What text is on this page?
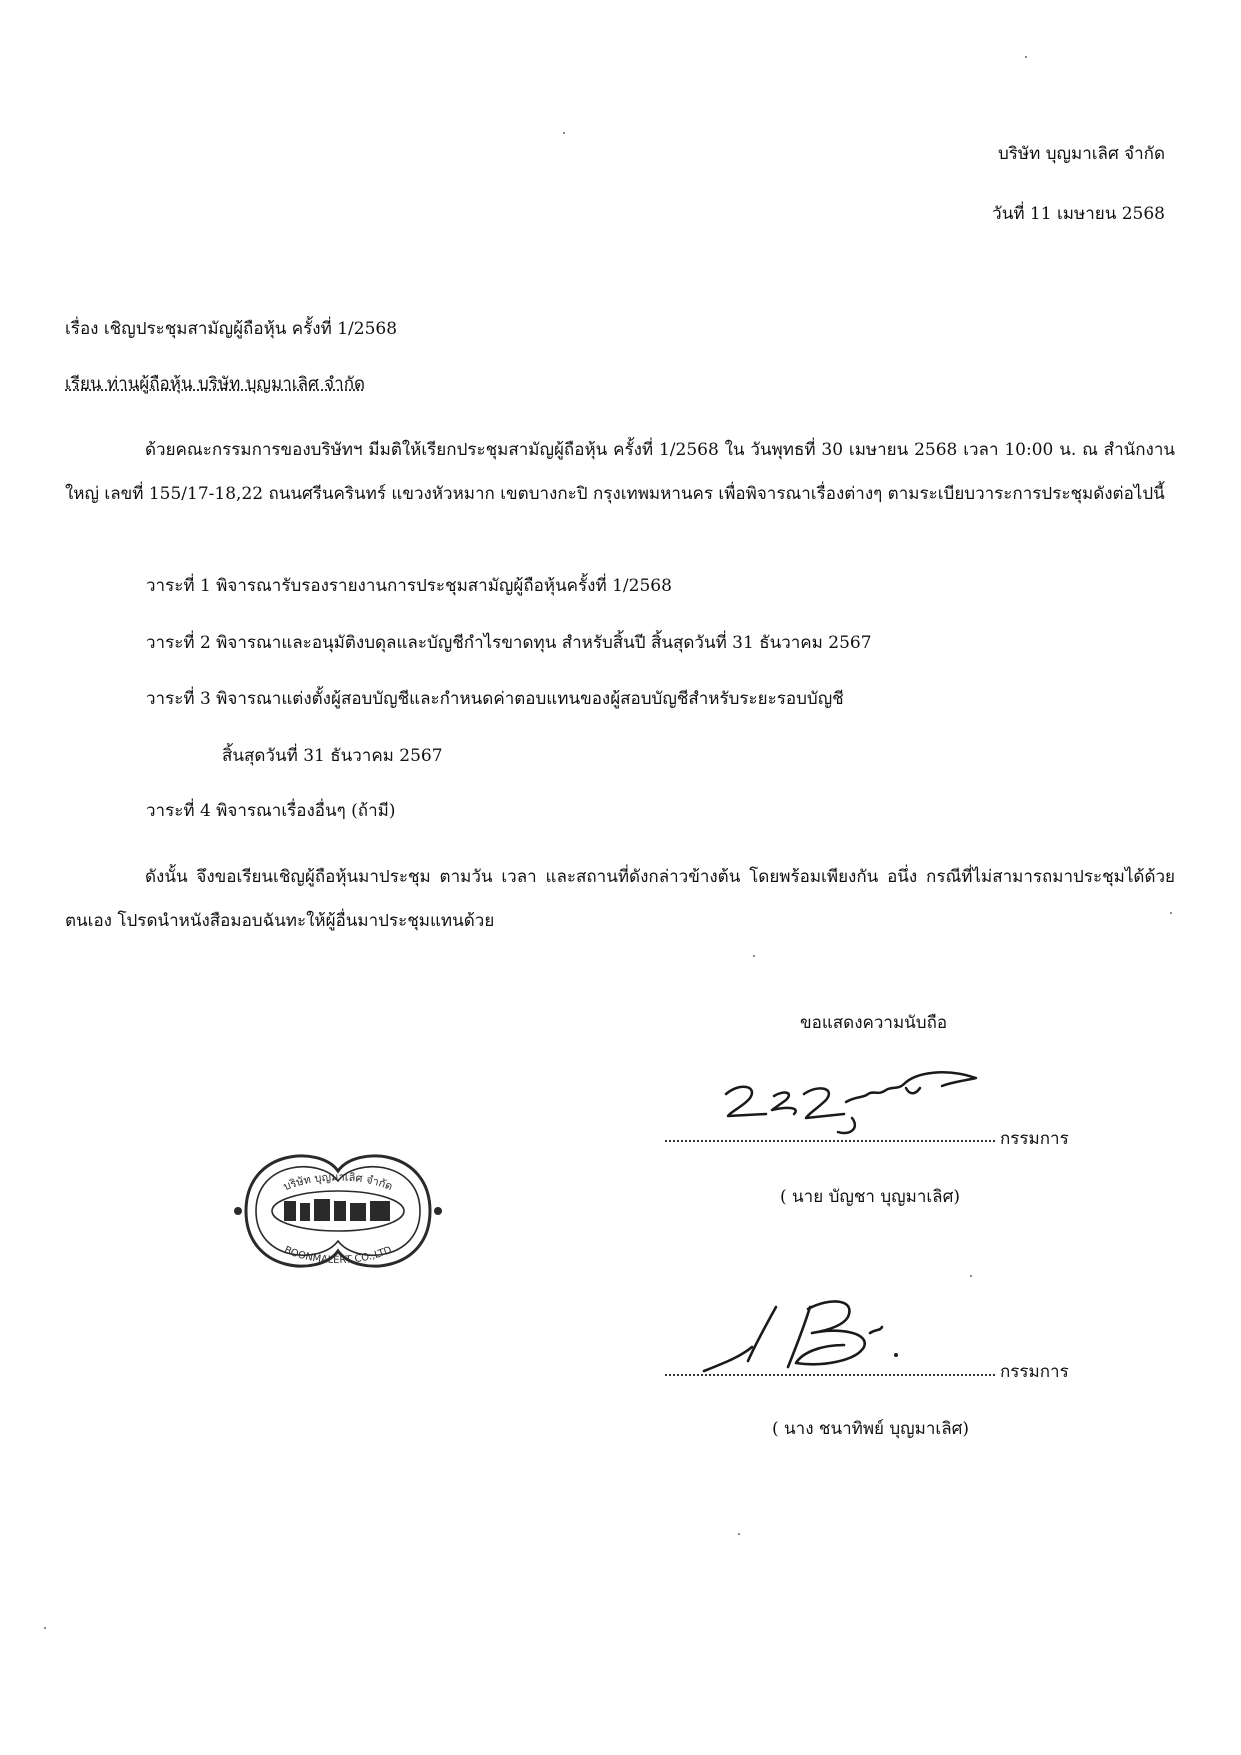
บริษัท บุญมาเลิศ จำกัด
วันที่ 11 เมษายน 2568
เรื่อง เชิญประชุมสามัญผู้ถือหุ้น ครั้งที่ 1/2568
เรียน ท่านผู้ถือหุ้น บริษัท บุญมาเลิศ จำกัด
ด้วยคณะกรรมการของบริษัทฯ มีมติให้เรียกประชุมสามัญผู้ถือหุ้น ครั้งที่ 1/2568 ใน วันพุทธที่ 30 เมษายน 2568 เวลา 10:00 น. ณ สำนักงานใหญ่ เลขที่ 155/17-18,22 ถนนศรีนครินทร์ แขวงหัวหมาก เขตบางกะปิ กรุงเทพมหานคร เพื่อพิจารณาเรื่องต่างๆ ตามระเบียบวาระการประชุมดังต่อไปนี้
วาระที่ 1 พิจารณารับรองรายงานการประชุมสามัญผู้ถือหุ้นครั้งที่ 1/2568
วาระที่ 2 พิจารณาและอนุมัติงบดุลและบัญชีกำไรขาดทุน สำหรับสิ้นปี สิ้นสุดวันที่ 31 ธันวาคม 2567
วาระที่ 3 พิจารณาแต่งตั้งผู้สอบบัญชีและกำหนดค่าตอบแทนของผู้สอบบัญชีสำหรับระยะรอบบัญชี
สิ้นสุดวันที่ 31 ธันวาคม 2567
วาระที่ 4 พิจารณาเรื่องอื่นๆ (ถ้ามี)
ดังนั้น จึงขอเรียนเชิญผู้ถือหุ้นมาประชุม ตามวัน เวลา และสถานที่ดังกล่าวข้างต้น โดยพร้อมเพียงกัน อนึ่ง กรณีที่ไม่สามารถมาประชุมได้ด้วยตนเอง โปรดนำหนังสือมอบฉันทะให้ผู้อื่นมาประชุมแทนด้วย
ขอแสดงความนับถือ
กรรมการ
( นาย บัญชา บุญมาเลิศ)
บริษัท บุญมาเลิศ จำกัด
BOONMALERT CO.,LTD
กรรมการ
( นาง ชนาทิพย์ บุญมาเลิศ)
